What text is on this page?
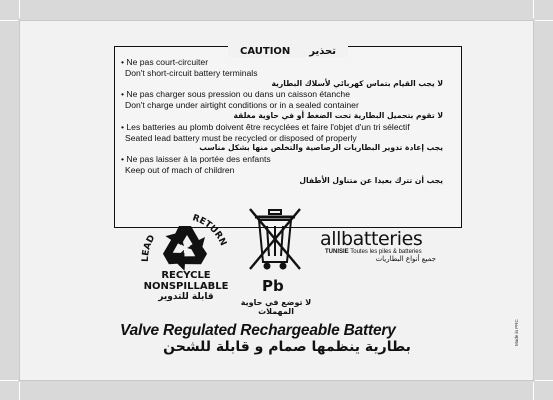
CAUTION تحذير
• Ne pas court-circuiter
Don't short-circuit battery terminals
لا يجب القيام بتماس كهربائي لأسلاك البطارية
• Ne pas charger sous pression ou dans un caisson étanche
Don't charge under airtight conditions or in a sealed container
لا تقوم بتحميل البطارية تحت الضغط أو في حاوية مغلقة
• Les batteries au plomb doivent être recyclées et faire l'objet d'un tri sélectif
Seated lead battery must be recycled or disposed of properly
يجب إعادة تدوير البطاريات الرصاصية والتخلص منها بشكل مناسب
• Ne pas laisser à la portée des enfants
Keep out of mach of children
يجب أن تترك بعيدا عن متناول الأطفال
LEAD
RETURN
RECYCLE
NONSPILLABLE
قابلة للتدوير
Pb
لا توضع في حاوية المهملات
allbatteries
TUNISIE Toutes les piles & batteries
جميع أنواع البطاريات
Valve Regulated Rechargeable Battery
بطارية ينظمها صمام و قابلة للشحن
Made in PRC
